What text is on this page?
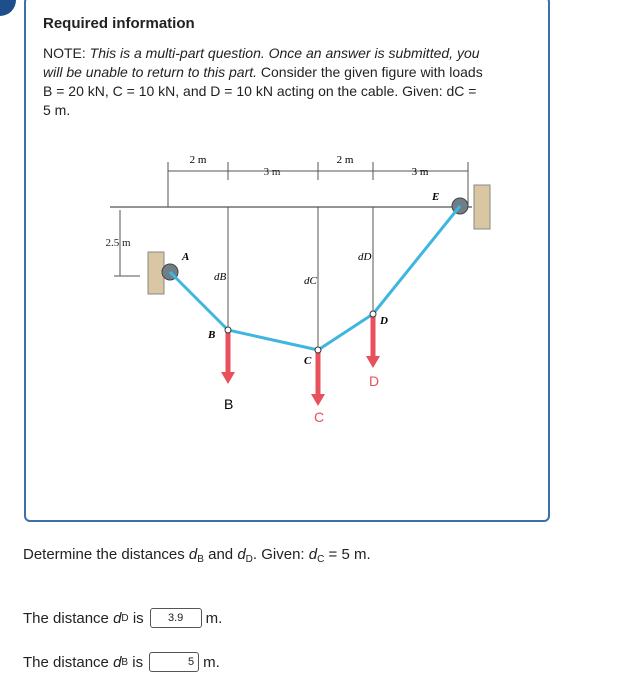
Required information
NOTE: This is a multi-part question. Once an answer is submitted, you will be unable to return to this part. Consider the given figure with loads B = 20 kN, C = 10 kN, and D = 10 kN acting on the cable. Given: dC = 5 m.
2 m
3 m
2 m
3 m
2.5 m
A
B
C
D
E
dB	dC
dD
B
C
D
Determine the distances $d_B$ and $d_D$. Given: $d_C = 5$ m.
The distance
d D
is	3.9	m.
The distance
d B
is	5 m.
